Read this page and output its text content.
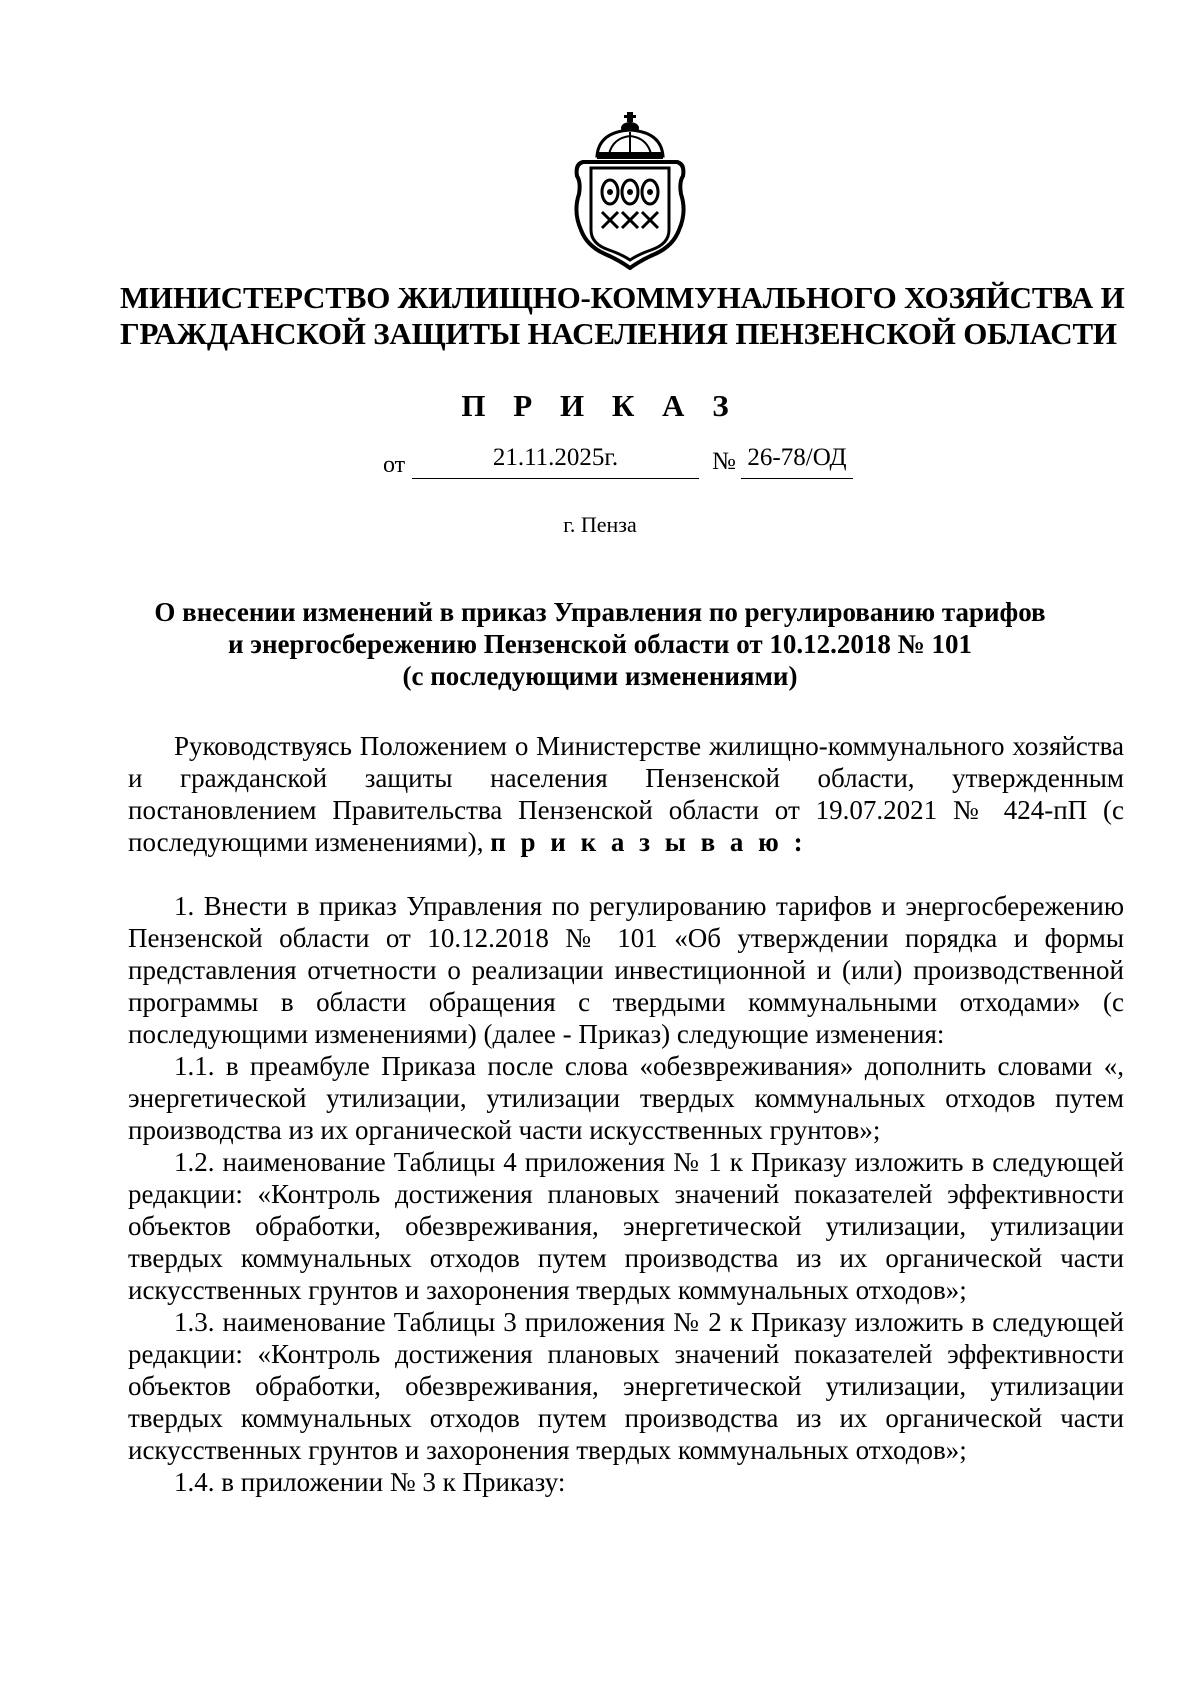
МИНИСТЕРСТВО ЖИЛИЩНО-КОММУНАЛЬНОГО ХОЗЯЙСТВА И
ГРАЖДАНСКОЙ ЗАЩИТЫ НАСЕЛЕНИЯ ПЕНЗЕНСКОЙ ОБЛАСТИ
П Р И К А З
от	21.11.2025г.	№ 26-78/ОД
г. Пенза
О внесении изменений в приказ Управления по регулированию тарифов
и энергосбережению Пензенской области от 10.12.2018 № 101
(с последующими изменениями)

Руководствуясь Положением о Министерстве жилищно-коммунального хозяйства и гражданской защиты населения Пензенской области, утвержденным постановлением Правительства Пензенской области от 19.07.2021 № 424-пП (с последующими изменениями), п р и к а з ы в а ю :

1. Внести в приказ Управления по регулированию тарифов и энергосбережению Пензенской области от 10.12.2018 № 101 «Об утверждении порядка и формы представления отчетности о реализации инвестиционной и (или) производственной программы в области обращения с твердыми коммунальными отходами» (с последующими изменениями) (далее - Приказ) следующие изменения:

1.1. в преамбуле Приказа после слова «обезвреживания» дополнить словами «, энергетической утилизации, утилизации твердых коммунальных отходов путем производства из их органической части искусственных грунтов»;

1.2. наименование Таблицы 4 приложения № 1 к Приказу изложить в следующей редакции: «Контроль достижения плановых значений показателей эффективности объектов обработки, обезвреживания, энергетической утилизации, утилизации твердых коммунальных отходов путем производства из их органической части искусственных грунтов и захоронения твердых коммунальных отходов»;

1.3. наименование Таблицы 3 приложения № 2 к Приказу изложить в следующей редакции: «Контроль достижения плановых значений показателей эффективности объектов обработки, обезвреживания, энергетической утилизации, утилизации твердых коммунальных отходов путем производства из их органической части искусственных грунтов и захоронения твердых коммунальных отходов»;

1.4. в приложении № 3 к Приказу:
